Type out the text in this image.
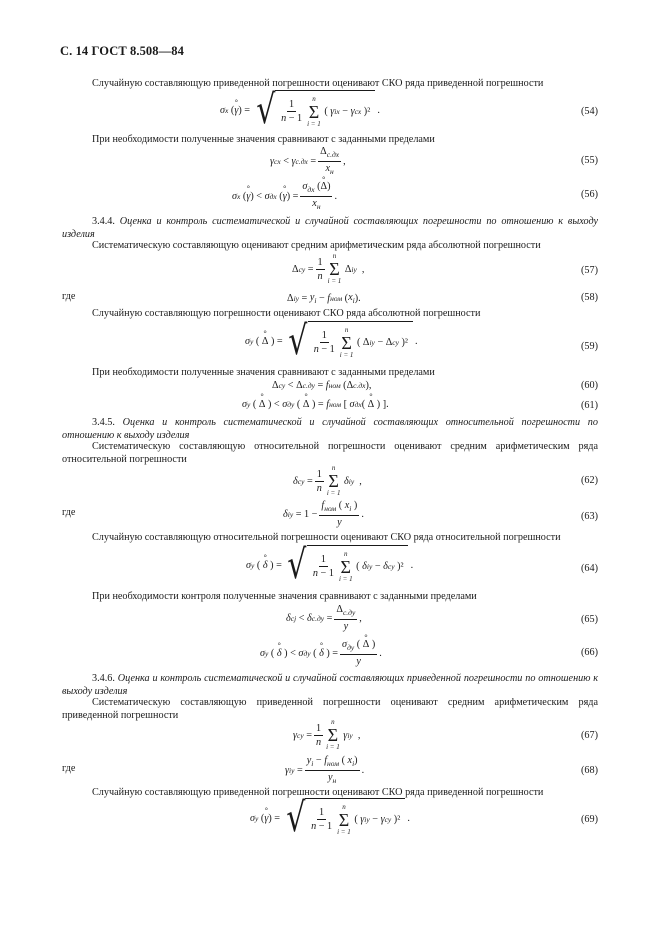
С. 14 ГОСТ 8.508—84
Случайную составляющую приведенной погрешности оценивают СКО ряда приведенной погрешности
σ x ( ° γ ) = √ $\frac{1}{n - 1}$
n
Σ
i = 1
( γ ix − γ cx )² .	(54)
При необходимости полученные значения сравнивают с заданными пределами
γ cx < γ $c.дx = \frac{\Delta_{c.дx}}{x_н}$ ,	(55)
σ x ( ° γ ) < σ дx ( ° γ ) = $\frac{\sigma_{дx} (^\circ \Delta)}{x_н}$ .	(56)
3.4.4. Оценка и контроль систематической и случайной составляющих погрешности по отношению к выходу изделия
Систематическую составляющую оценивают средним арифметическим ряда абсолютной погрешности
Δ cy = $\frac{1}{n}$
n
Σ
i = 1
Δ iy ,	(57)
где	Δ iy = $y_i - f$ ном ( $x_i$ ).	(58)
Случайную составляющую погрешности оценивают СКО ряда абсолютной погрешности
σ y ( ° Δ ) = √ $\frac{1}{n - 1}$
n
Σ
i = 1
( Δ iy − Δ cy )² .	(59)
При необходимости полученные значения сравнивают с заданными пределами
Δ cy < Δ c.дy = f ном (Δ c.дx ),	(60)
σ y ( ° Δ ) < σ дy ( ° Δ ) = f ном [ σ дx ( ° Δ ) ].	(61)
3.4.5. Оценка и контроль систематической и случайной составляющих относительной погрешности по отношению к выходу изделия
Систематическую составляющую относительной погрешности оценивают средним арифметическим ряда относительной погрешности
δ cy = $\frac{1}{n}$
n
Σ
i = 1

δ iy ,	(62)
где	δ iy = $1 - \frac{f_{ном} ( x_i )}{y}$ .	(63)
Случайную составляющую относительной погрешности оценивают СКО ряда относительной погрешности
σ y ( ° δ ) = √ $\frac{1}{n - 1}$
n
Σ
i = 1
( δ iy − δ cy )² .	(64)
При необходимости контроля полученные значения сравнивают с заданными пределами
δ cj < δ $c.дy = \frac{\Delta_{c.дy}}{y}$ ,	(65)
σ y ( ° δ ) < σ дy ( ° δ ) = $\frac{\sigma_{дy} ( ^\circ \Delta )}{y}$ .	(66)
3.4.6. Оценка и контроль систематической и случайной составляющих приведенной погрешности по отношению к выходу изделия
Систематическую составляющую приведенной погрешности оценивают средним арифметическим ряда приведенной погрешности
γ cy = $\frac{1}{n}$
n
Σ
i = 1

γ iy ,	(67)
где	γ iy = $\frac{y_i - f_{ном} ( x_i)}{y_н}$ .	(68)
Случайную составляющую приведенной погрешности оценивают СКО ряда приведенной погрешности
σ y ( ° γ ) = √ $\frac{1}{n - 1}$
n
Σ
i = 1
( γ iy − γ cy )² .	(69)
